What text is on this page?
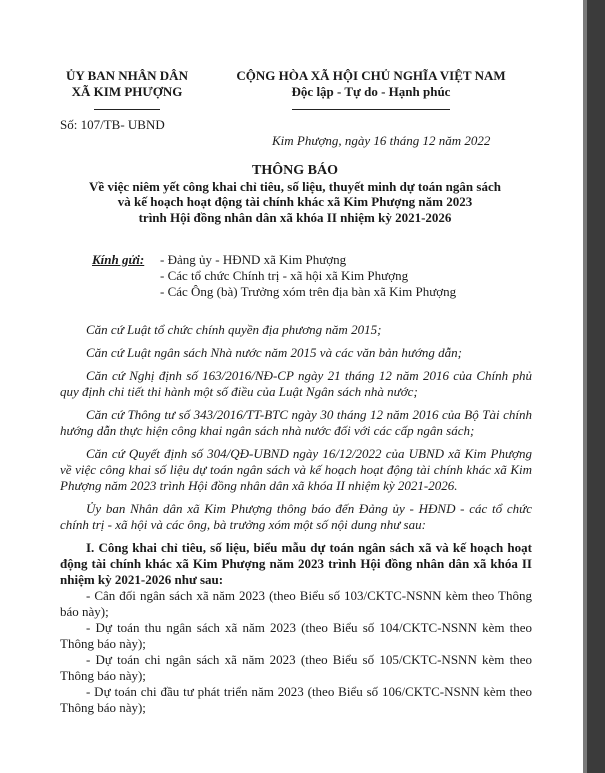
ỦY BAN NHÂN DÂN
XÃ KIM PHƯỢNG
CỘNG HÒA XÃ HỘI CHỦ NGHĨA VIỆT NAM
Độc lập - Tự do - Hạnh phúc
Số: 107/TB- UBND
Kim Phượng, ngày 16 tháng 12 năm 2022
THÔNG BÁO
Về việc niêm yết công khai chỉ tiêu, số liệu, thuyết minh dự toán ngân sách
và kế hoạch hoạt động tài chính khác xã Kim Phượng năm 2023
trình Hội đồng nhân dân xã khóa II nhiệm kỳ 2021-2026
Kính gửi: - Đảng ủy - HĐND xã Kim Phượng
- Các tổ chức Chính trị - xã hội xã Kim Phượng
- Các Ông (bà) Trưởng xóm trên địa bàn xã Kim Phượng

Căn cứ Luật tổ chức chính quyền địa phương năm 2015;

Căn cứ Luật ngân sách Nhà nước năm 2015 và các văn bản hướng dẫn;

Căn cứ Nghị định số 163/2016/NĐ-CP ngày 21 tháng 12 năm 2016 của Chính phủ quy định chi tiết thi hành một số điều của Luật Ngân sách nhà nước;

Căn cứ Thông tư số 343/2016/TT-BTC ngày 30 tháng 12 năm 2016 của Bộ Tài chính hướng dẫn thực hiện công khai ngân sách nhà nước đối với các cấp ngân sách;

Căn cứ Quyết định số 304/QĐ-UBND ngày 16/12/2022 của UBND xã Kim Phượng về việc công khai số liệu dự toán ngân sách và kế hoạch hoạt động tài chính khác xã Kim Phượng năm 2023 trình Hội đồng nhân dân xã khóa II nhiệm kỳ 2021-2026.

Ủy ban Nhân dân xã Kim Phượng thông báo đến Đảng ủy - HĐND - các tổ chức chính trị - xã hội và các ông, bà trưởng xóm một số nội dung như sau:

I. Công khai chỉ tiêu, số liệu, biểu mẫu dự toán ngân sách xã và kế hoạch hoạt động tài chính khác xã Kim Phượng năm 2023 trình Hội đồng nhân dân xã khóa II nhiệm kỳ 2021-2026 như sau:

- Cân đối ngân sách xã năm 2023 (theo Biểu số 103/CKTC-NSNN kèm theo Thông báo này);

- Dự toán thu ngân sách xã năm 2023 (theo Biểu số 104/CKTC-NSNN kèm theo Thông báo này);

- Dự toán chi ngân sách xã năm 2023 (theo Biểu số 105/CKTC-NSNN kèm theo Thông báo này);

- Dự toán chi đầu tư phát triển năm 2023 (theo Biểu số 106/CKTC-NSNN kèm theo Thông báo này);
